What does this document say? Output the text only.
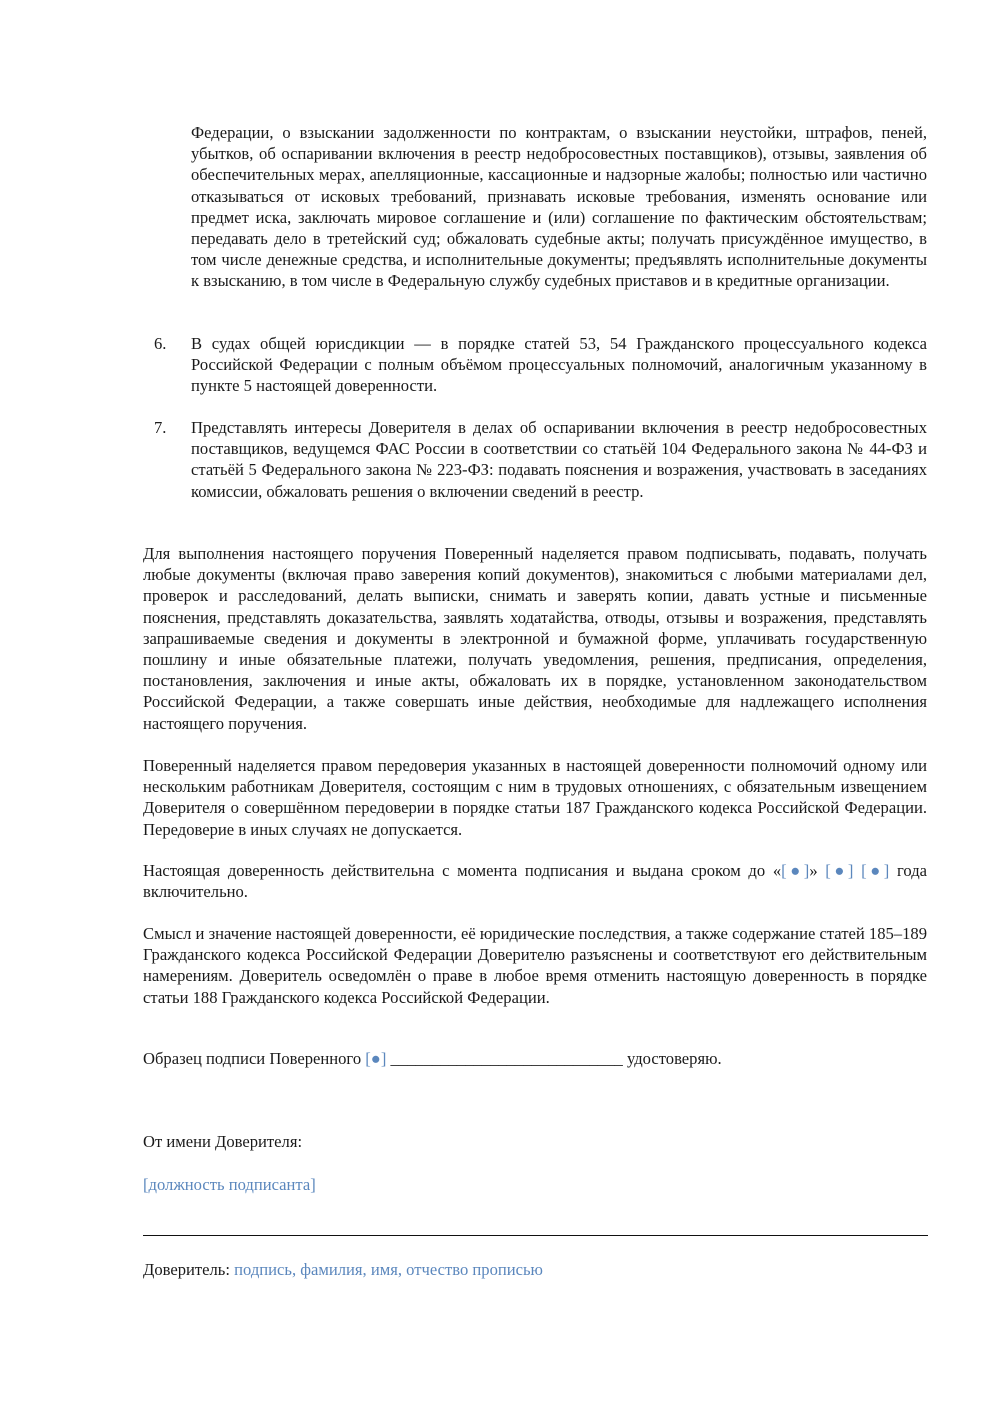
Федерации, о взыскании задолженности по контрактам, о взыскании неустойки, штрафов, пеней, убытков, об оспаривании включения в реестр недобросовестных поставщиков), отзывы, заявления об обеспечительных мерах, апелляционные, кассационные и надзорные жалобы; полностью или частично отказываться от исковых требований, признавать исковые требования, изменять основание или предмет иска, заключать мировое соглашение и (или) соглашение по фактическим обстоятельствам; передавать дело в третейский суд; обжаловать судебные акты; получать присуждённое имущество, в том числе денежные средства, и исполнительные документы; предъявлять исполнительные документы к взысканию, в том числе в Федеральную службу судебных приставов и в кредитные организации.

6.	В судах общей юрисдикции — в порядке статей 53, 54 Гражданского процессуального кодекса Российской Федерации с полным объёмом процессуальных полномочий, аналогичным указанному в пункте 5 настоящей доверенности.
7.	Представлять интересы Доверителя в делах об оспаривании включения в реестр недобросовестных поставщиков, ведущемся ФАС России в соответствии со статьёй 104 Федерального закона № 44-ФЗ и статьёй 5 Федерального закона № 223-ФЗ: подавать пояснения и возражения, участвовать в заседаниях комиссии, обжаловать решения о включении сведений в реестр.

Для выполнения настоящего поручения Поверенный наделяется правом подписывать, подавать, получать любые документы (включая право заверения копий документов), знакомиться с любыми материалами дел, проверок и расследований, делать выписки, снимать и заверять копии, давать устные и письменные пояснения, представлять доказательства, заявлять ходатайства, отводы, отзывы и возражения, представлять запрашиваемые сведения и документы в электронной и бумажной форме, уплачивать государственную пошлину и иные обязательные платежи, получать уведомления, решения, предписания, определения, постановления, заключения и иные акты, обжаловать их в порядке, установленном законодательством Российской Федерации, а также совершать иные действия, необходимые для надлежащего исполнения настоящего поручения.

Поверенный наделяется правом передоверия указанных в настоящей доверенности полномочий одному или нескольким работникам Доверителя, состоящим с ним в трудовых отношениях, с обязательным извещением Доверителя о совершённом передоверии в порядке статьи 187 Гражданского кодекса Российской Федерации. Передоверие в иных случаях не допускается.

Настоящая доверенность действительна с момента подписания и выдана сроком до «[●]» [●] [●] года включительно.

Смысл и значение настоящей доверенности, её юридические последствия, а также содержание статей 185–189 Гражданского кодекса Российской Федерации Доверителю разъяснены и соответствуют его действительным намерениям. Доверитель осведомлён о праве в любое время отменить настоящую доверенность в порядке статьи 188 Гражданского кодекса Российской Федерации.

Образец подписи Поверенного [●] ____________________________ удостоверяю.

От имени Доверителя:

[должность подписанта]

Доверитель: подпись, фамилия, имя, отчество прописью
